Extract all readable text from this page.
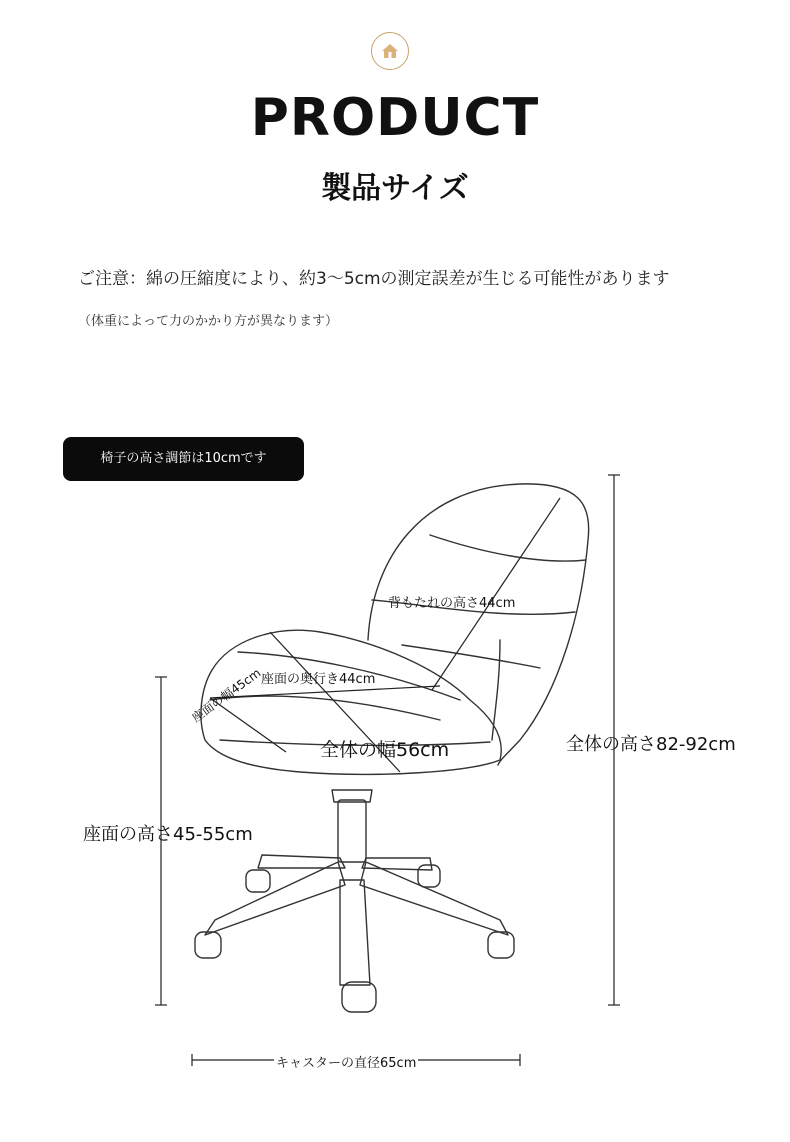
PRODUCT
製品サイズ
ご注意：綿の圧縮度により、約3～5cmの測定誤差が生じる可能性があります
（体重によって力のかかり方が異なります）
椅子の高さ調節は10cmです
背もたれの高さ44cm
座面の奥行き44cm
座面の幅45cm
全体の幅56cm	全体の高さ82-92cm
座面の高さ45-55cm
キャスターの直径65cm
